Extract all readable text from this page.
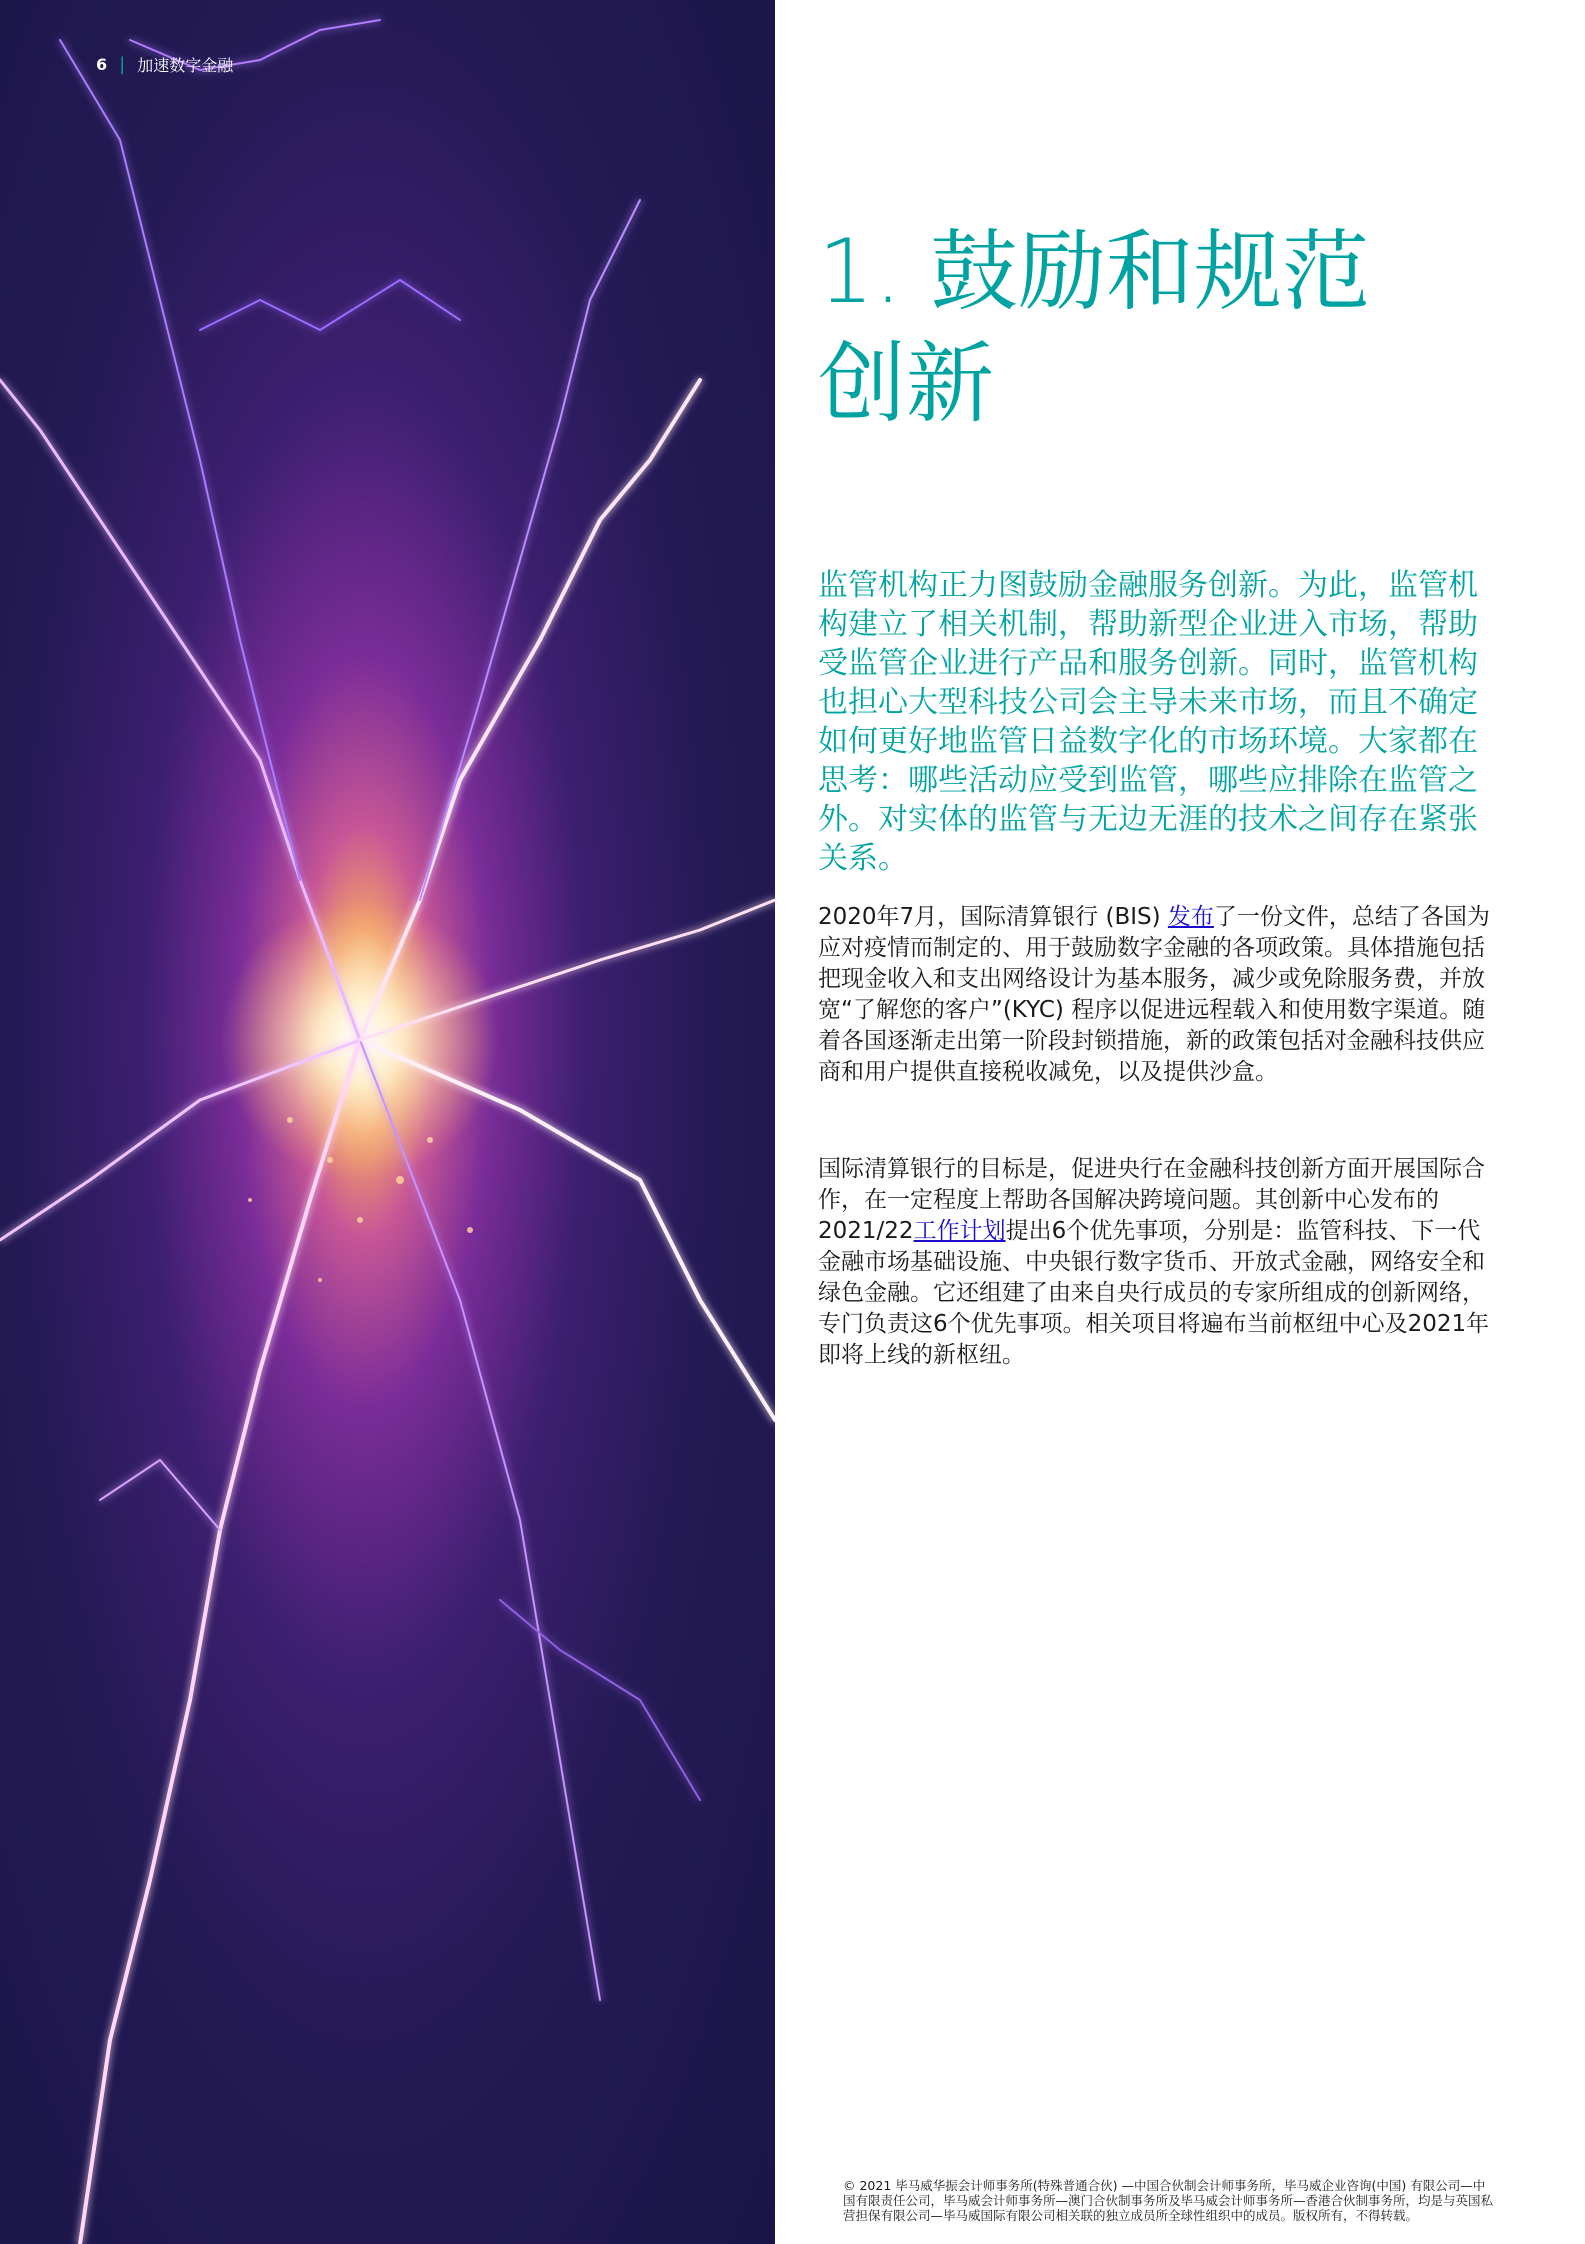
6 | 加速数字金融
1. 鼓励和规范
创新

监管机构正力图鼓励金融服务创新。为此，监管机构建立了相关机制，帮助新型企业进入市场，帮助受监管企业进行产品和服务创新。同时，监管机构也担心大型科技公司会主导未来市场，而且不确定如何更好地监管日益数字化的市场环境。大家都在思考：哪些活动应受到监管，哪些应排除在监管之外。对实体的监管与无边无涯的技术之间存在紧张关系。

2020年7月，国际清算银行 (BIS) 发布了一份文件，总结了各国为应对疫情而制定的、用于鼓励数字金融的各项政策。具体措施包括把现金收入和支出网络设计为基本服务，减少或免除服务费，并放宽“了解您的客户”(KYC) 程序以促进远程载入和使用数字渠道。随着各国逐渐走出第一阶段封锁措施，新的政策包括对金融科技供应商和用户提供直接税收减免，以及提供沙盒。

国际清算银行的目标是，促进央行在金融科技创新方面开展国际合作，在一定程度上帮助各国解决跨境问题。其创新中心发布的2021/22工作计划提出6个优先事项，分别是：监管科技、下一代金融市场基础设施、中央银行数字货币、开放式金融，网络安全和绿色金融。它还组建了由来自央行成员的专家所组成的创新网络，专门负责这6个优先事项。相关项目将遍布当前枢纽中心及2021年即将上线的新枢纽。

© 2021 毕马威华振会计师事务所(特殊普通合伙) —中国合伙制会计师事务所，毕马威企业咨询(中国) 有限公司—中国有限责任公司，毕马威会计师事务所—澳门合伙制事务所及毕马威会计师事务所—香港合伙制事务所，均是与英国私营担保有限公司—毕马威国际有限公司相关联的独立成员所全球性组织中的成员。版权所有，不得转载。
